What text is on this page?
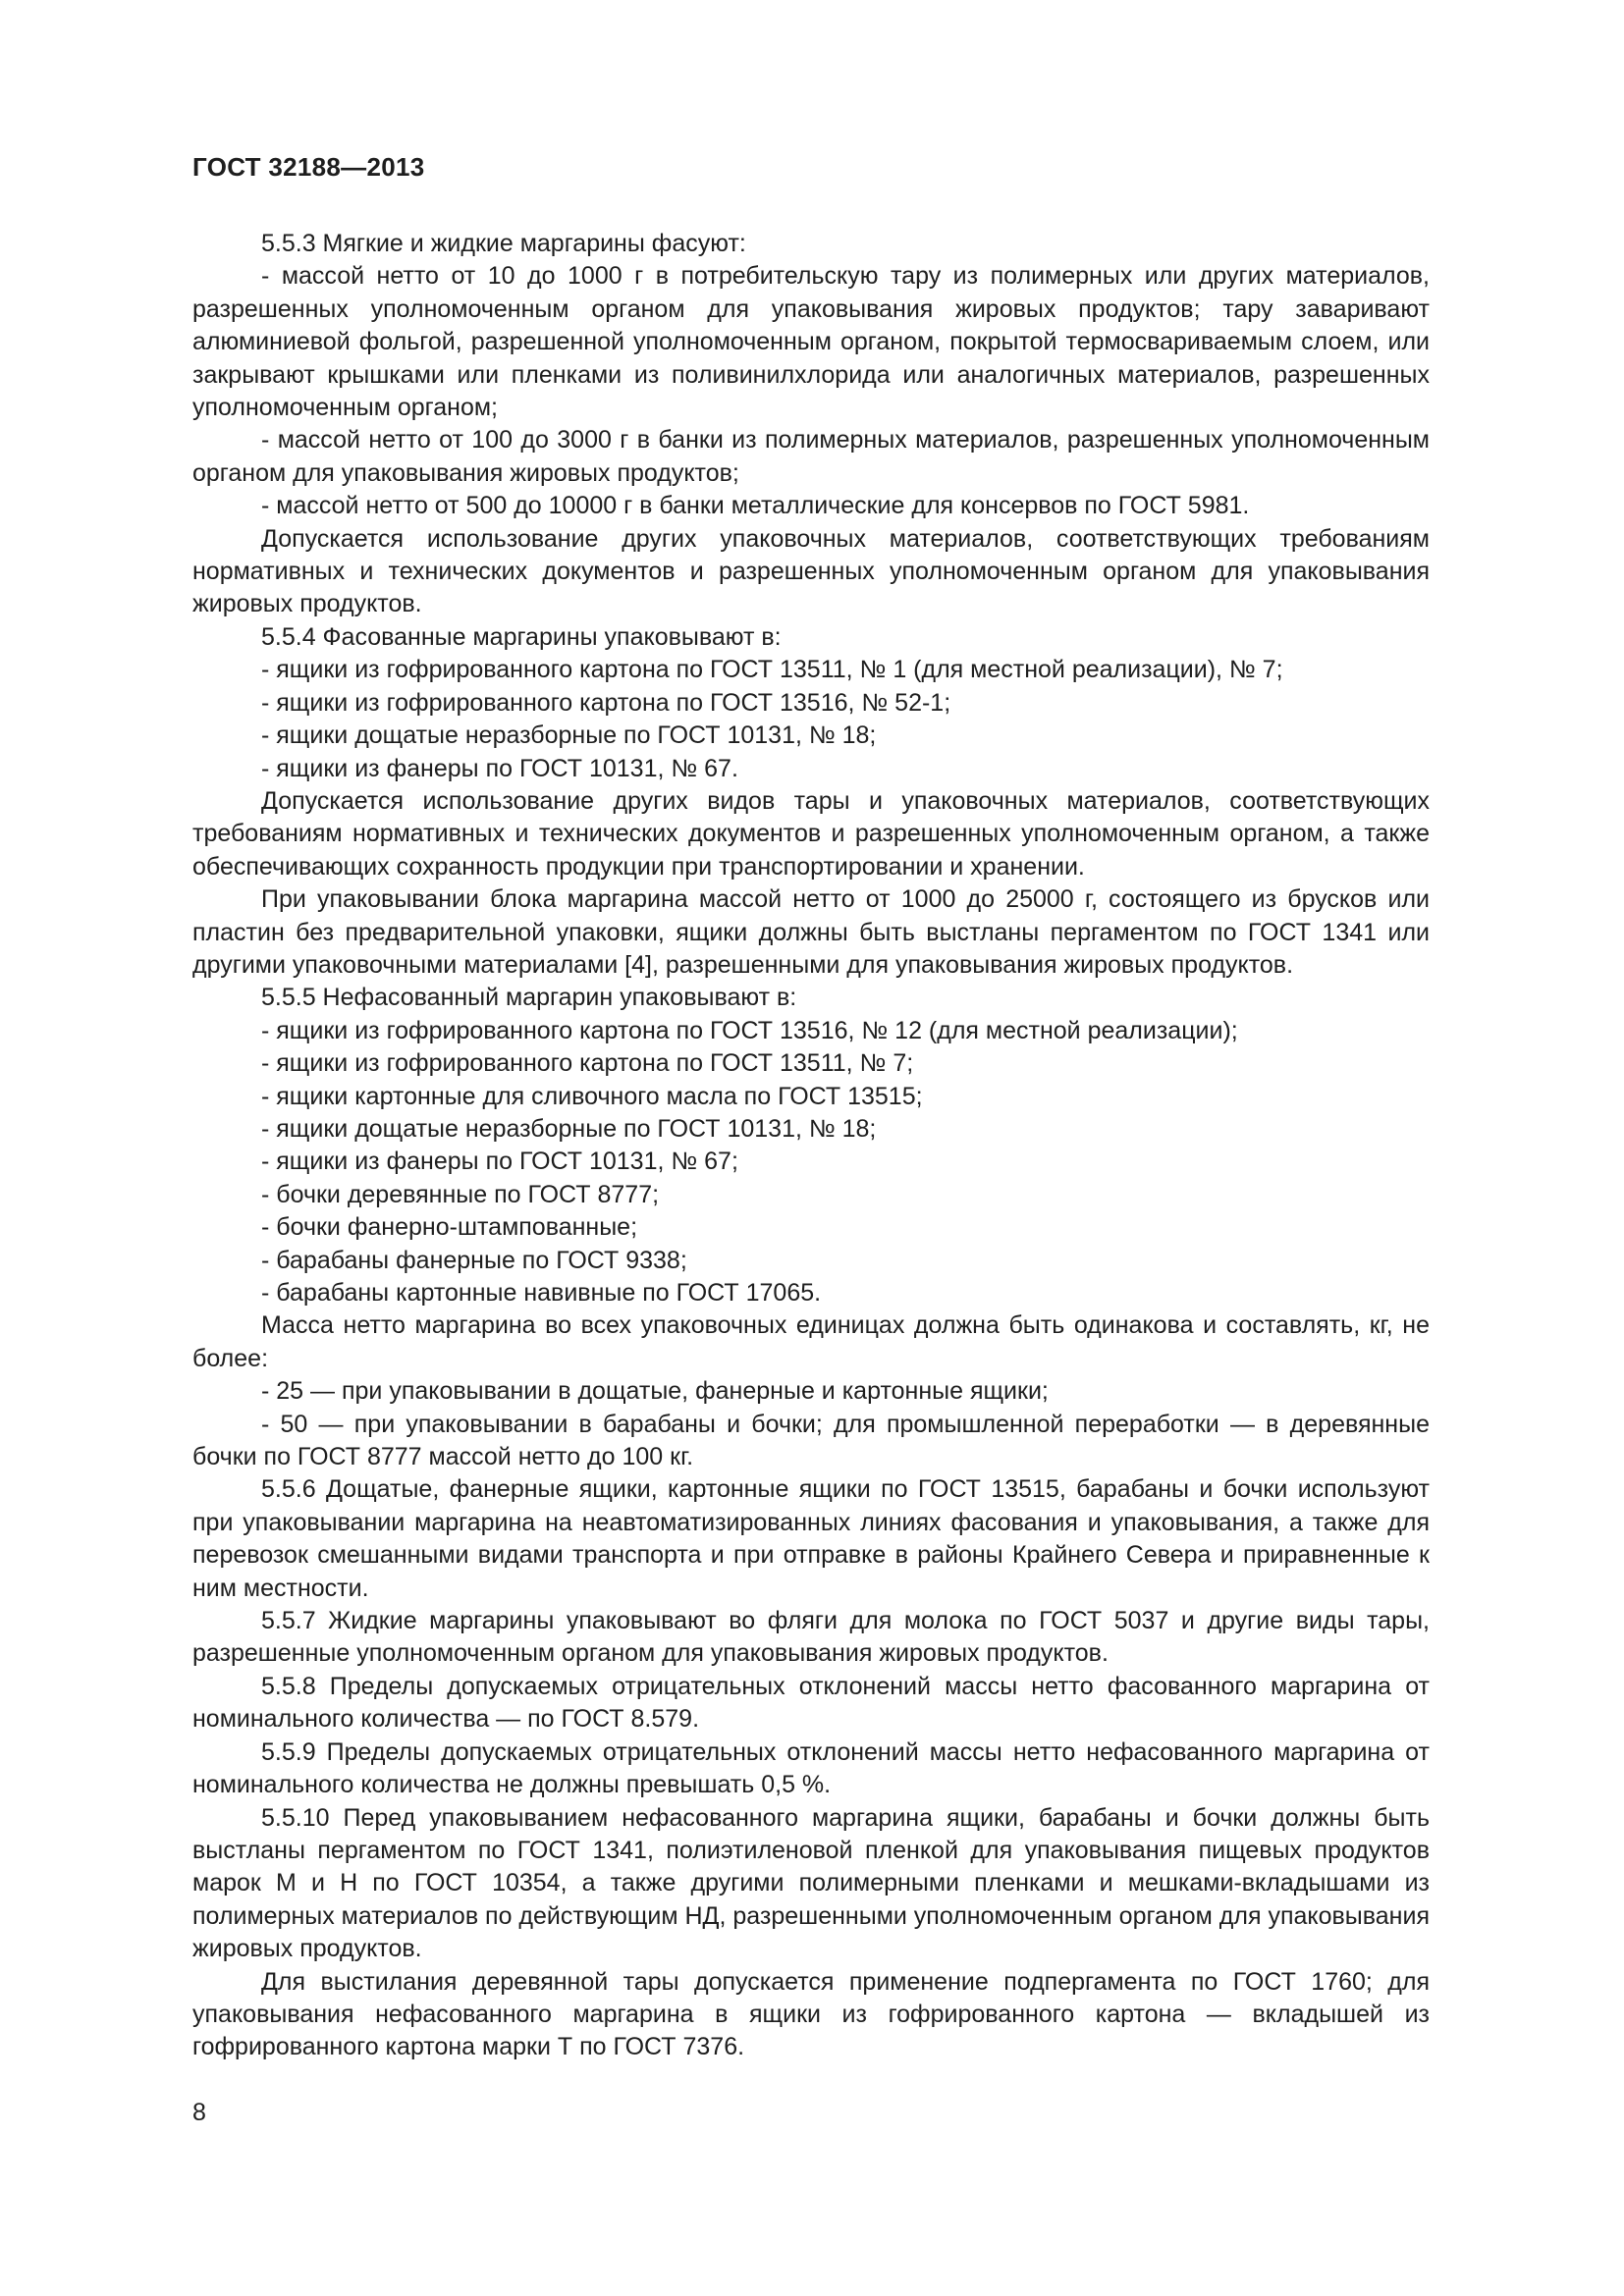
ГОСТ 32188—2013

5.5.3 Мягкие и жидкие маргарины фасуют:

- массой нетто от 10 до 1000 г в потребительскую тару из полимерных или других материалов, разрешенных уполномоченным органом для упаковывания жировых продуктов; тару заваривают алюминиевой фольгой, разрешенной уполномоченным органом, покрытой термосвариваемым слоем, или закрывают крышками или пленками из поливинилхлорида или аналогичных материалов, разрешенных уполномоченным органом;

- массой нетто от 100 до 3000 г в банки из полимерных материалов, разрешенных уполномоченным органом для упаковывания жировых продуктов;

- массой нетто от 500 до 10000 г в банки металлические для консервов по ГОСТ 5981.

Допускается использование других упаковочных материалов, соответствующих требованиям нормативных и технических документов и разрешенных уполномоченным органом для упаковывания жировых продуктов.

5.5.4 Фасованные маргарины упаковывают в:

- ящики из гофрированного картона по ГОСТ 13511, № 1 (для местной реализации), № 7;

- ящики из гофрированного картона по ГОСТ 13516, № 52-1;

- ящики дощатые неразборные по ГОСТ 10131, № 18;

- ящики из фанеры по ГОСТ 10131, № 67.

Допускается использование других видов тары и упаковочных материалов, соответствующих требованиям нормативных и технических документов и разрешенных уполномоченным органом, а также обеспечивающих сохранность продукции при транспортировании и хранении.

При упаковывании блока маргарина массой нетто от 1000 до 25000 г, состоящего из брусков или пластин без предварительной упаковки, ящики должны быть выстланы пергаментом по ГОСТ 1341 или другими упаковочными материалами [4], разрешенными для упаковывания жировых продуктов.

5.5.5 Нефасованный маргарин упаковывают в:

- ящики из гофрированного картона по ГОСТ 13516, № 12 (для местной реализации);

- ящики из гофрированного картона по ГОСТ 13511, № 7;

- ящики картонные для сливочного масла по ГОСТ 13515;

- ящики дощатые неразборные по ГОСТ 10131, № 18;

- ящики из фанеры по ГОСТ 10131, № 67;

- бочки деревянные по ГОСТ 8777;

- бочки фанерно-штампованные;

- барабаны фанерные по ГОСТ 9338;

- барабаны картонные навивные по ГОСТ 17065.

Масса нетто маргарина во всех упаковочных единицах должна быть одинакова и составлять, кг, не более:

- 25 — при упаковывании в дощатые, фанерные и картонные ящики;

- 50 — при упаковывании в барабаны и бочки; для промышленной переработки — в деревянные бочки по ГОСТ 8777 массой нетто до 100 кг.

5.5.6 Дощатые, фанерные ящики, картонные ящики по ГОСТ 13515, барабаны и бочки используют при упаковывании маргарина на неавтоматизированных линиях фасования и упаковывания, а также для перевозок смешанными видами транспорта и при отправке в районы Крайнего Севера и приравненные к ним местности.

5.5.7 Жидкие маргарины упаковывают во фляги для молока по ГОСТ 5037 и другие виды тары, разрешенные уполномоченным органом для упаковывания жировых продуктов.

5.5.8 Пределы допускаемых отрицательных отклонений массы нетто фасованного маргарина от номинального количества — по ГОСТ 8.579.

5.5.9 Пределы допускаемых отрицательных отклонений массы нетто нефасованного маргарина от номинального количества не должны превышать 0,5 %.

5.5.10 Перед упаковыванием нефасованного маргарина ящики, барабаны и бочки должны быть выстланы пергаментом по ГОСТ 1341, полиэтиленовой пленкой для упаковывания пищевых продуктов марок М и Н по ГОСТ 10354, а также другими полимерными пленками и мешками-вкладышами из полимерных материалов по действующим НД, разрешенными уполномоченным органом для упаковывания жировых продуктов.

Для выстилания деревянной тары допускается применение подпергамента по ГОСТ 1760; для упаковывания нефасованного маргарина в ящики из гофрированного картона — вкладышей из гофрированного картона марки Т по ГОСТ 7376.

8
